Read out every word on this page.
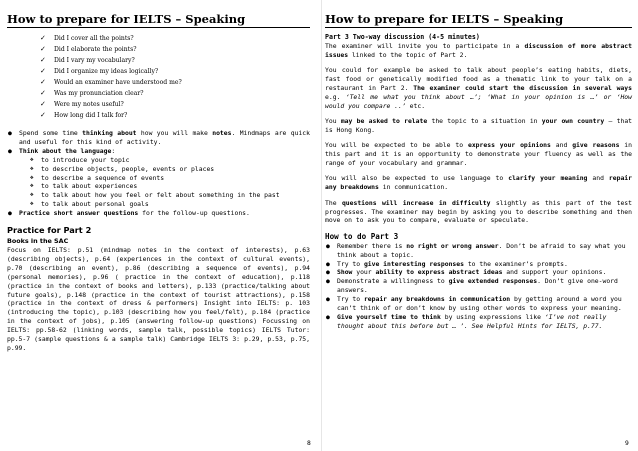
How to prepare for IELTS – Speaking
✓ Did I cover all the points?
✓ Did I elaborate the points?
✓ Did I vary my vocabulary?
✓ Did I organize my ideas logically?
✓ Would an examiner have understood me?
✓ Was my pronunciation clear?
✓ Were my notes useful?
✓ How long did I talk for?
● Spend some time thinking about how you will make notes. Mindmaps are quick and useful for this kind of activity.
● Think about the language:
❖ to introduce your topic
❖ to describe objects, people, events or places
❖ to describe a sequence of events
❖ to talk about experiences
❖ to talk about how you feel or felt about something in the past
❖ to talk about personal goals
● Practice short answer questions for the follow-up questions.
Practice for Part 2

Books in the SAC

Focus on IELTS: p.51 (mindmap notes in the context of interests), p.63 (describing objects), p.64 (experiences in the context of cultural events), p.70 (describing an event), p.86 (describing a sequence of events), p.94 (personal memories), p.96 ( practice in the context of education), p.118 (practice in the context of books and letters), p.133 (practice/talking about future goals), p.148 (practice in the context of tourist attractions), p.158 (practice in the context of dress & performers) Insight into IELTS: p. 103 (introducing the topic), p.103 (describing how you feel/felt), p.104 (practice in the context of jobs), p.105 (answering follow-up questions) Focussing on IELTS: pp.58-62 (linking words, sample talk, possible topics) IELTS Tutor: pp.5-7 (sample questions & a sample talk) Cambridge IELTS 3: p.29, p.53, p.75, p.99.

8
How to prepare for IELTS – Speaking
Part 3 Two-way discussion (4-5 minutes)

The examiner will invite you to participate in a discussion of more abstract issues linked to the topic of Part 2.

You could for example be asked to talk about people’s eating habits, diets, fast food or genetically modified food as a thematic link to your talk on a restaurant in Part 2. The examiner could start the discussion in several ways e.g. ‘Tell me what you think about …’; ‘What in your opinion is …’ or ‘How would you compare ..’ etc.

You may be asked to relate the topic to a situation in your own country – that is Hong Kong.

You will be expected to be able to express your opinions and give reasons in this part and it is an opportunity to demonstrate your fluency as well as the range of your vocabulary and grammar.

You will also be expected to use language to clarify your meaning and repair any breakdowns in communication.

The questions will increase in difficulty slightly as this part of the test progresses. The examiner may begin by asking you to describe something and then move on to ask you to compare, evaluate or speculate.

How to do Part 3
● Remember there is no right or wrong answer. Don’t be afraid to say what you think about a topic.
● Try to give interesting responses to the examiner’s prompts.
● Show your ability to express abstract ideas and support your opinions.
● Demonstrate a willingness to give extended responses. Don’t give one-word answers.
● Try to repair any breakdowns in communication by getting around a word you can’t think of or don’t know by using other words to express your meaning.
● Give yourself time to think by using expressions like ‘I’ve not really thought about this before but … ’. See Helpful Hints for IELTS, p.77.
9
